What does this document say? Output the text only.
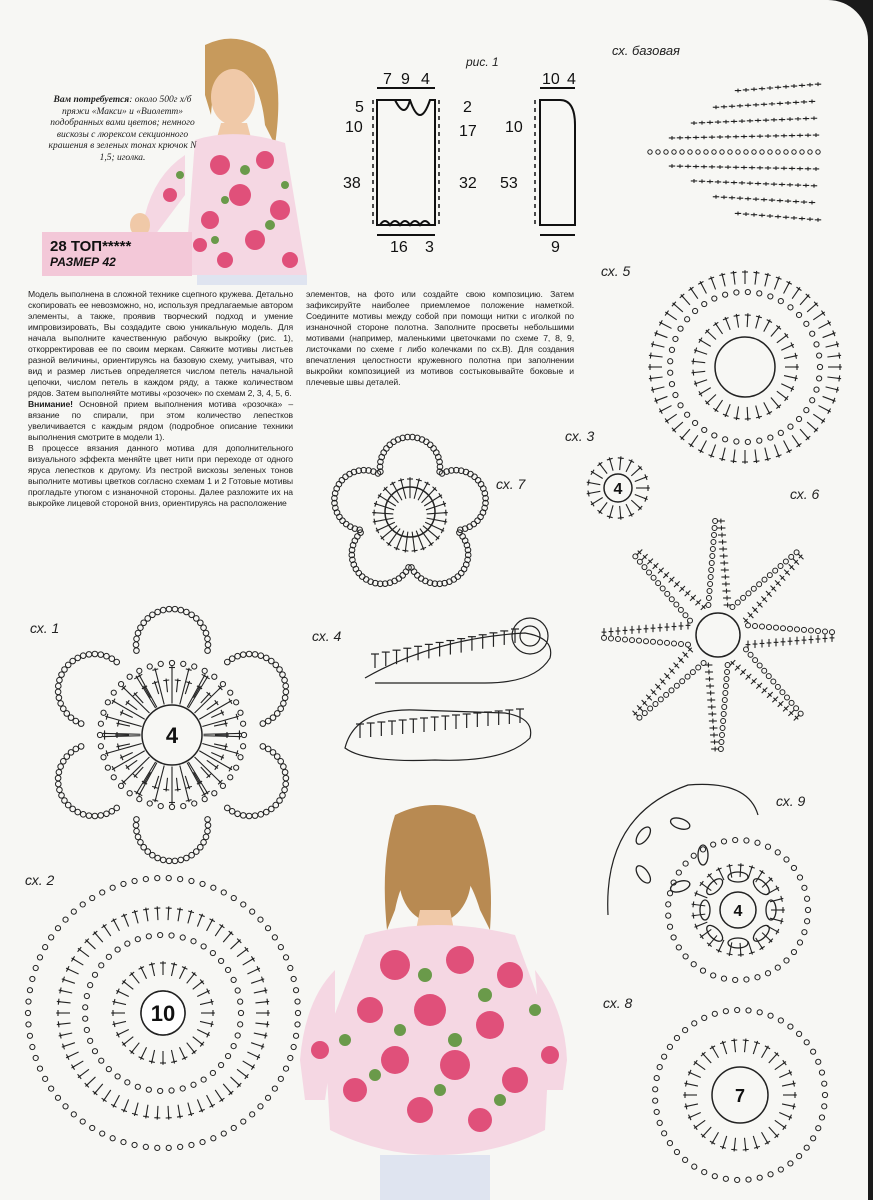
Вам потребуется: около 500г х/б пряжи «Макси» и «Виолетт» подобранных вами цветов; немного вискозы с люрексом секционного крашения в зеленых тонах крючок N 1,5; иголка.
28 ТОП*****
РАЗМЕР 42
рис. 1
7 9 4
5
10
38
2
17
32
16 3
10 4
10
53
9
сх. базовая

Модель выполнена в сложной технике сцепного кружева. Детально скопировать ее невозможно, но, используя предлагаемые автором элементы, а также, проявив творческий подход и умение импровизировать, Вы создадите свою уникальную модель. Для начала выполните качественную рабочую выкройку (рис. 1), откорректировав ее по своим меркам. Свяжите мотивы листьев разной величины, ориентируясь на базовую схему, учитывая, что вид и размер листьев определяется числом петель начальной цепочки, числом петель в каждом ряду, а также количеством рядов. Затем выполняйте мотивы «розочек» по схемам 2, 3, 4, 5, 6.

Внимание! Основной прием выполнения мотива «розочка» – вязание по спирали, при этом количество лепестков увеличивается с каждым рядом (подробное описание техники выполнения смотрите в модели 1).

В процессе вязания данного мотива для дополнительного визуального эффекта меняйте цвет нити при переходе от одного яруса лепестков к другому. Из пестрой вискозы зеленых тонов выполните мотивы цветков согласно схемам 1 и 2 Готовые мотивы прогладьте утюгом с изнаночной стороны. Далее разложите их на выкройке лицевой стороной вниз, ориентируясь на расположение

элементов, на фото или создайте свою композицию. Затем зафиксируйте наиболее приемлемое положение наметкой. Соедините мотивы между собой при помощи нитки с иголкой по изнаночной стороне полотна. Заполните просветы небольшими мотивами (например, маленькими цветочками по схеме 7, 8, 9, листочками по схеме г либо колечками по сх.В). Для создания впечатления целостности кружевного полотна при заполнении выкройки композицией из мотивов состыковывайте боковые и плечевые швы деталей.

сх. 5
сх. 3
сх. 6
сх. 7
сх. 1	сх. 4
сх. 2
сх. 9
сх. 8
4
4
10
4
7
